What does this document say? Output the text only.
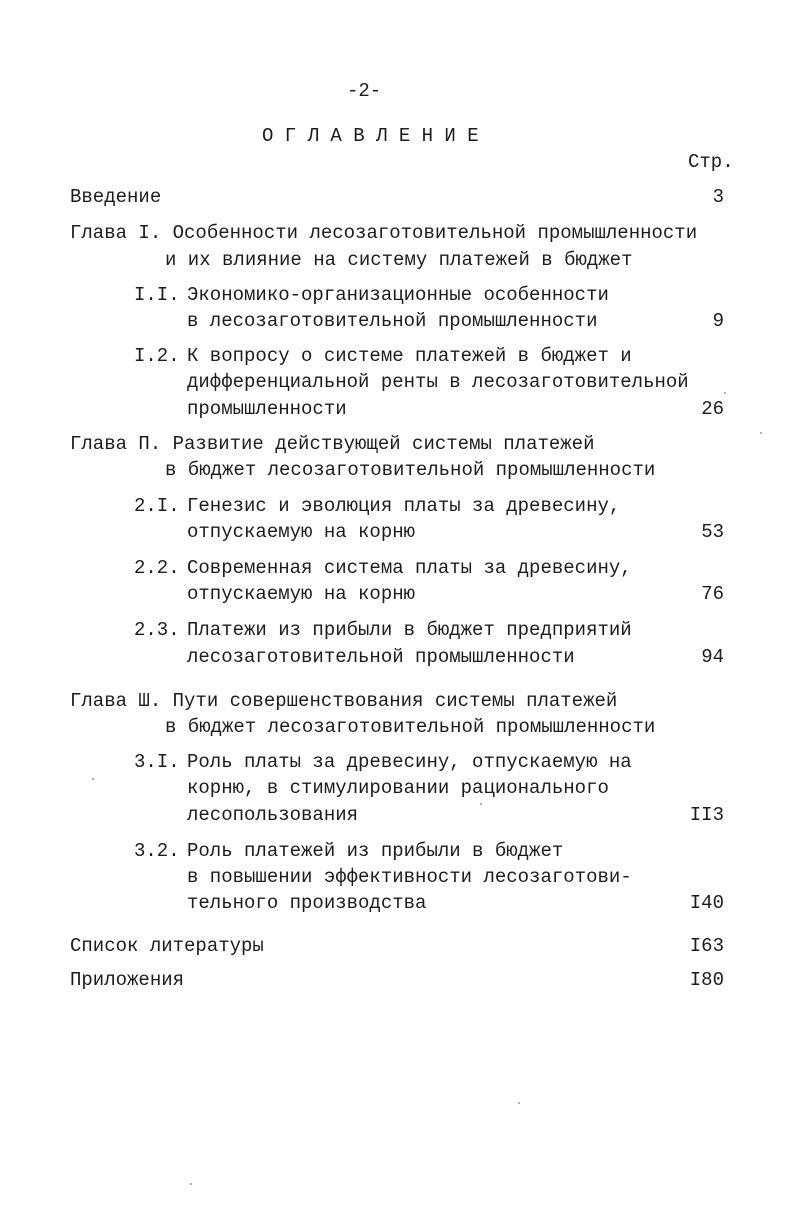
-2-
О Г Л А В Л Е Н И Е
Стр.
Введение	3
Глава I. Особенности лесозаготовительной промышленности
и их влияние на систему платежей в бюджет
I.I. Экономико-организационные особенности
в лесозаготовительной промышленности	9
I.2. К вопросу о системе платежей в бюджет и
дифференциальной ренты в лесозаготовительной
промышленности	26
Глава П. Развитие действующей системы платежей
в бюджет лесозаготовительной промышленности
2.I. Генезис и эволюция платы за древесину,
отпускаемую на корню	53
2.2. Современная система платы за древесину,
отпускаемую на корню	76
2.3. Платежи из прибыли в бюджет предприятий
лесозаготовительной промышленности	94
Глава Ш. Пути совершенствования системы платежей
в бюджет лесозаготовительной промышленности
3.I. Роль платы за древесину, отпускаемую на
корню, в стимулировании рационального
лесопользования	II3
3.2. Роль платежей из прибыли в бюджет
в повышении эффективности лесозаготови-
тельного производства	I40
Список литературы	I63
Приложения	I80
